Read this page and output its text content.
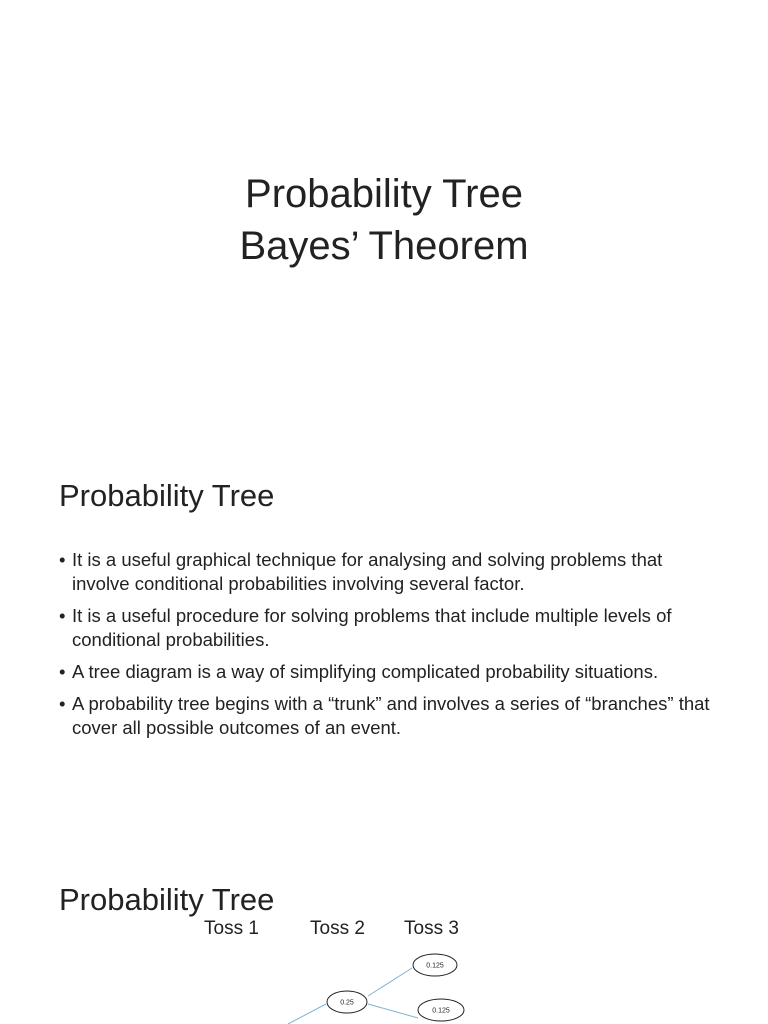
Probability Tree
Bayes’ Theorem
Probability Tree
• It is a useful graphical technique for analysing and solving problems that involve conditional probabilities involving several factor.
• It is a useful procedure for solving problems that include multiple levels of conditional probabilities.
• A tree diagram is a way of simplifying complicated probability situations.
• A probability tree begins with a “trunk” and involves a series of “branches” that cover all possible outcomes of an event.
Probability Tree
Toss 1	Toss 2 Toss 3
0.25
0.125
0.125
